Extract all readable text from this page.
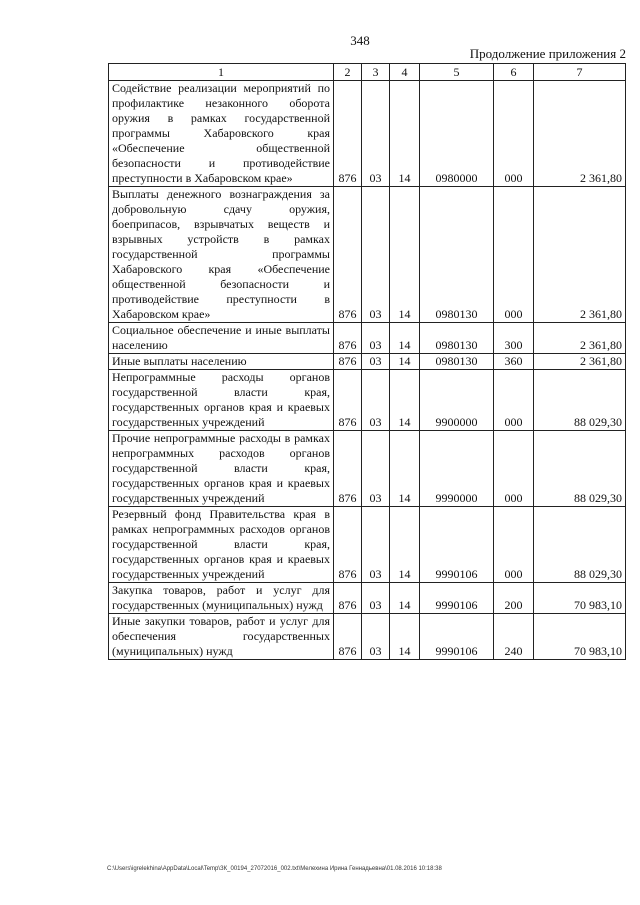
348
Продолжение приложения 2
1	2	3	4	5	6	7
Содействие реализации мероприятий по профилактике незаконного оборота оружия в рамках государственной программы Хабаровского края «Обеспечение общественной безопасности и противодействие преступности в Хабаровском крае»	876	03	14	0980000	000	2 361,80
Выплаты денежного вознаграждения за добровольную сдачу оружия, боеприпасов, взрывчатых веществ и взрывных устройств в рамках государственной программы Хабаровского края «Обеспечение общественной безопасности и противодействие преступности в Хабаровском крае»	876	03	14	0980130	000	2 361,80
Социальное обеспечение и иные выплаты населению	876	03	14	0980130	300	2 361,80
Иные выплаты населению	876	03	14	0980130	360	2 361,80
Непрограммные расходы органов государственной власти края, государственных органов края и краевых государственных учреждений	876	03	14	9900000	000	88 029,30
Прочие непрограммные расходы в рамках непрограммных расходов органов государственной власти края, государственных органов края и краевых государственных учреждений	876	03	14	9990000	000	88 029,30
Резервный фонд Правительства края в рамках непрограммных расходов органов государственной власти края, государственных органов края и краевых государственных учреждений	876	03	14	9990106	000	88 029,30
Закупка товаров, работ и услуг для государственных (муниципальных) нужд	876	03	14	9990106	200	70 983,10
Иные закупки товаров, работ и услуг для обеспечения государственных (муниципальных) нужд	876	03	14	9990106	240	70 983,10
C:\Users\igrelekhina\AppData\Local\Temp\ЗК_00194_27072016_002.txt\Мелехина Ирина Геннадьевна\01.08.2016 10:18:38
